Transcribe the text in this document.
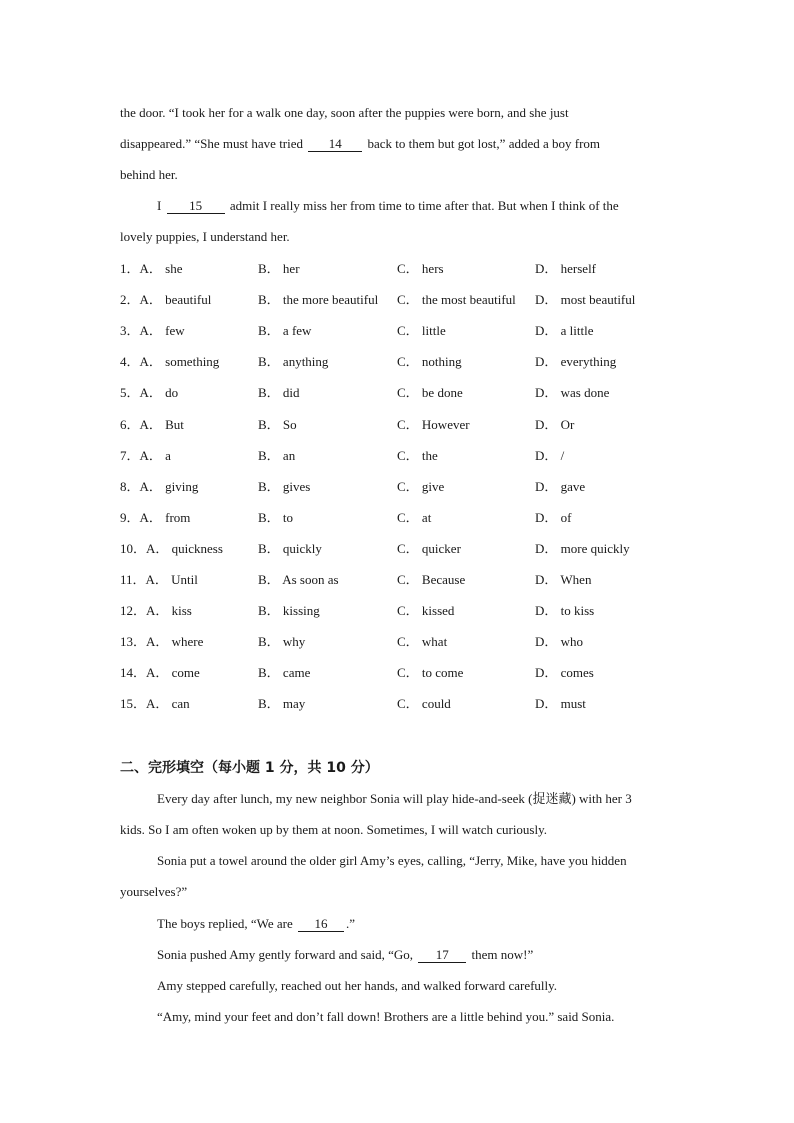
the door. “I took her for a walk one day, soon after the puppies were born, and she just
disappeared.” “She must have tried 14 back to them but got lost,” added a boy from
behind her.
I 15 admit I really miss her from time to time after that. But when I think of the
lovely puppies, I understand her.
1．A． she	B． her	C． hers	D． herself
2．A． beautiful	B． the more beautiful C． the most beautiful D． most beautiful
3．A． few	B． a few	C． little	D． a little
4．A． something	B． anything	C． nothing	D． everything
5．A． do	B． did	C． be done	D． was done
6．A． But	B． So	C． However	D． Or
7．A． a	B． an	C． the	D． /
8．A． giving	B． gives	C． give	D． gave
9．A． from	B． to	C． at	D． of
10．A． quickness	B． quickly	C． quicker	D． more quickly
11．A． Until	B． As soon as	C． Because	D． When
12．A． kiss	B． kissing	C． kissed	D． to kiss
13．A． where	B． why	C． what	D． who
14．A． come	B． came	C． to come	D． comes
15．A． can	B． may	C． could	D． must
二、完形填空（每小题 1 分，共 10 分）
Every day after lunch, my new neighbor Sonia will play hide-and-seek (捉迷藏) with her 3
kids. So I am often woken up by them at noon. Sometimes, I will watch curiously.
Sonia put a towel around the older girl Amy’s eyes, calling, “Jerry, Mike, have you hidden
yourselves?”
The boys replied, “We are 16 .”
Sonia pushed Amy gently forward and said, “Go, 17 them now!”
Amy stepped carefully, reached out her hands, and walked forward carefully.
“Amy, mind your feet and don’t fall down! Brothers are a little behind you.” said Sonia.
